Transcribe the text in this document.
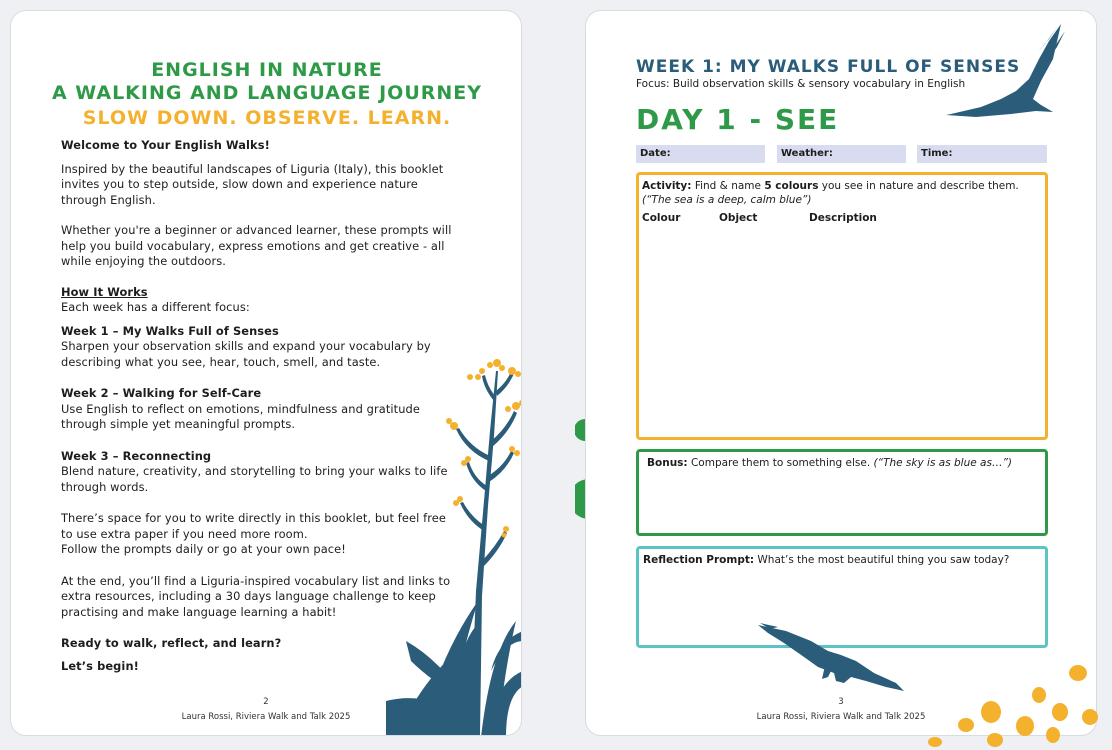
ENGLISH IN NATURE
A WALKING AND LANGUAGE JOURNEY
SLOW DOWN. OBSERVE. LEARN.

Welcome to Your English Walks!

Inspired by the beautiful landscapes of Liguria (Italy), this booklet invites you to step outside, slow down and experience nature through English.

Whether you're a beginner or advanced learner, these prompts will help you build vocabulary, express emotions and get creative - all while enjoying the outdoors.

How It Works

Each week has a different focus:

Week 1 – My Walks Full of Senses

Sharpen your observation skills and expand your vocabulary by describing what you see, hear, touch, smell, and taste.

Week 2 – Walking for Self-Care

Use English to reflect on emotions, mindfulness and gratitude through simple yet meaningful prompts.

Week 3 – Reconnecting

Blend nature, creativity, and storytelling to bring your walks to life through words.

There’s space for you to write directly in this booklet, but feel free to use extra paper if you need more room.

Follow the prompts daily or go at your own pace!

At the end, you’ll find a Liguria-inspired vocabulary list and links to extra resources, including a 30 days language challenge to keep practising and make language learning a habit!

Ready to walk, reflect, and learn?

Let’s begin!

2
Laura Rossi, Riviera Walk and Talk 2025
WEEK 1: MY WALKS FULL OF SENSES
Focus: Build observation skills & sensory vocabulary in English
DAY 1 - SEE
Date:	Weather:	Time:
Activity: Find & name 5 colours you see in nature and describe them.
(“The sea is a deep, calm blue”)
Colour	Object	Description
Bonus: Compare them to something else. (“The sky is as blue as…”)
Reflection Prompt: What’s the most beautiful thing you saw today?
3
Laura Rossi, Riviera Walk and Talk 2025
